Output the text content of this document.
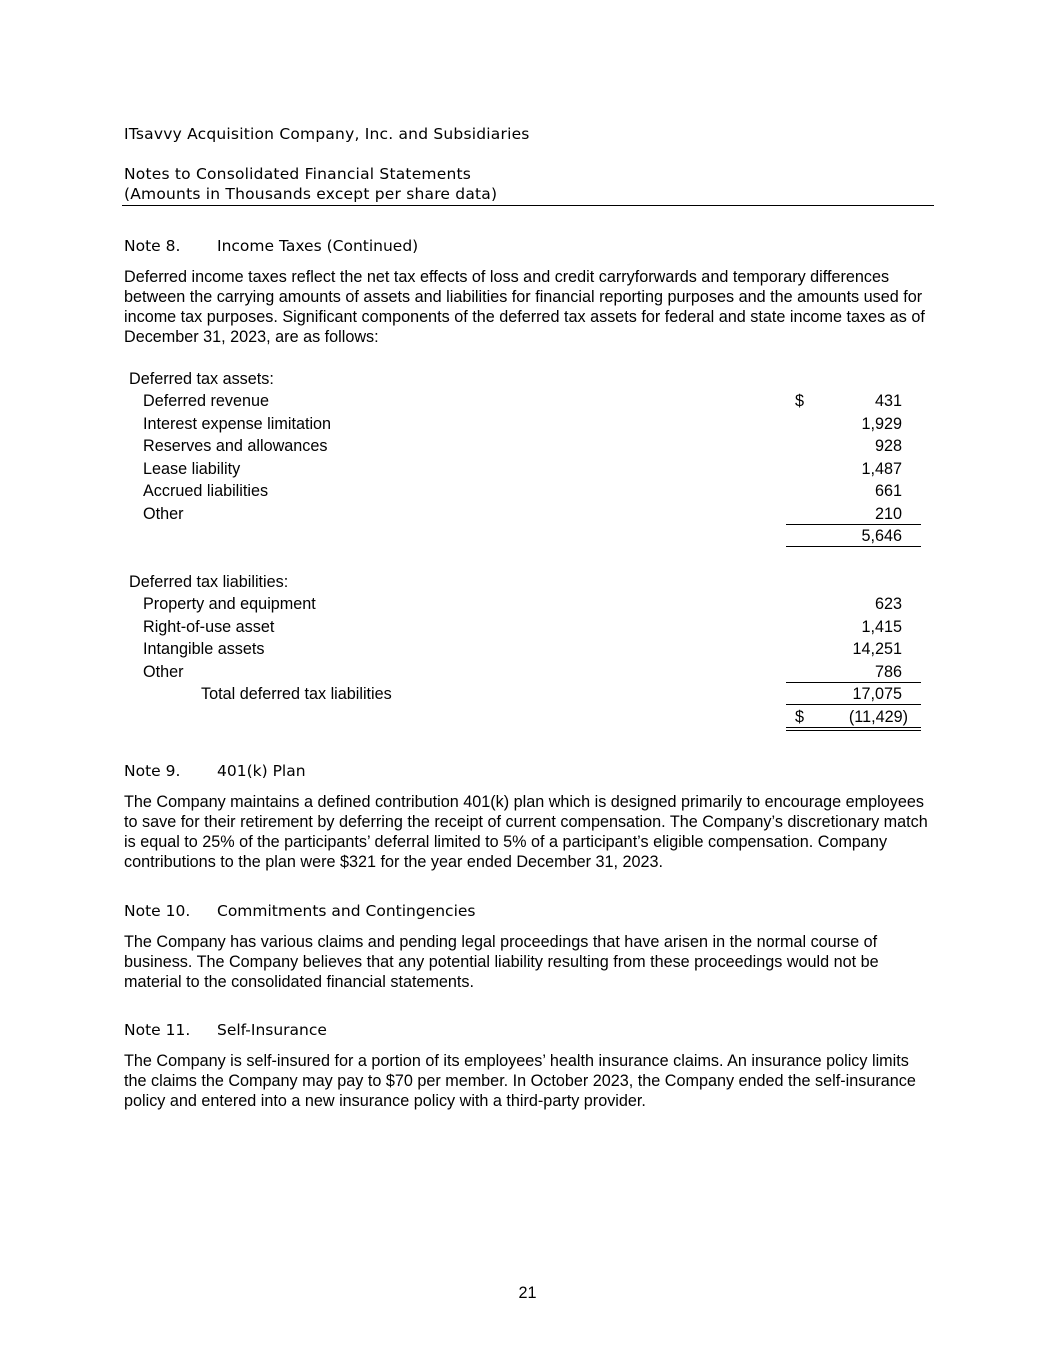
ITsavvy Acquisition Company, Inc. and Subsidiaries
Notes to Consolidated Financial Statements
(Amounts in Thousands except per share data)
Note 8. Income Taxes (Continued)
Deferred income taxes reflect the net tax effects of loss and credit carryforwards and temporary differences between the carrying amounts of assets and liabilities for financial reporting purposes and the amounts used for income tax purposes. Significant components of the deferred tax assets for federal and state income taxes as of December 31, 2023, are as follows:
Deferred tax assets:
Deferred revenue	$	431
Interest expense limitation	1,929
Reserves and allowances	928
Lease liability	1,487
Accrued liabilities	661
Other	210
5,646
Deferred tax liabilities:
Property and equipment	623
Right-of-use asset	1,415
Intangible assets	14,251
Other	786
Total deferred tax liabilities	17,075
$	(11,429)
Note 9. 401(k) Plan
The Company maintains a defined contribution 401(k) plan which is designed primarily to encourage employees to save for their retirement by deferring the receipt of current compensation. The Company’s discretionary match is equal to 25% of the participants’ deferral limited to 5% of a participant’s eligible compensation. Company contributions to the plan were $321 for the year ended December 31, 2023.
Note 10. Commitments and Contingencies
The Company has various claims and pending legal proceedings that have arisen in the normal course of business. The Company believes that any potential liability resulting from these proceedings would not be material to the consolidated financial statements.
Note 11. Self-Insurance
The Company is self-insured for a portion of its employees’ health insurance claims. An insurance policy limits the claims the Company may pay to $70 per member. In October 2023, the Company ended the self-insurance policy and entered into a new insurance policy with a third-party provider.
21
